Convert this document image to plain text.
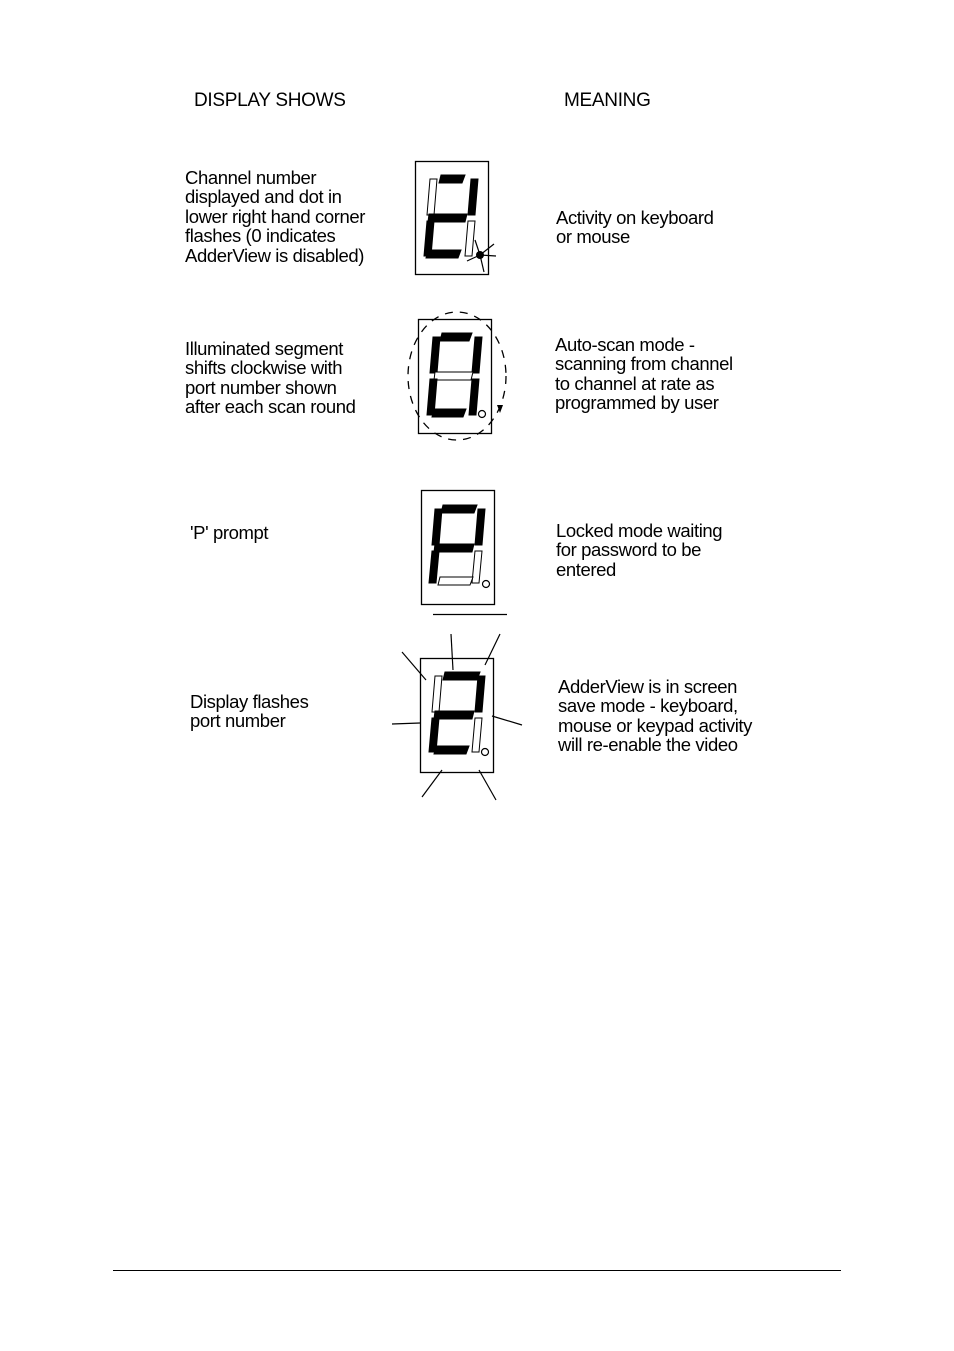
DISPLAY SHOWS	MEANING

Channel number
displayed and dot in
lower right hand corner
flashes (0 indicates
AdderView is disabled)

Activity on keyboard
or mouse

Illuminated segment
shifts clockwise with
port number shown
after each scan round

Auto-scan mode -
scanning from channel
to channel at rate as
programmed by user

'P' prompt	Locked mode waiting
for password to be
entered

Display flashes
port number

AdderView is in screen
save mode - keyboard,
mouse or keypad activity
will re-enable the video
